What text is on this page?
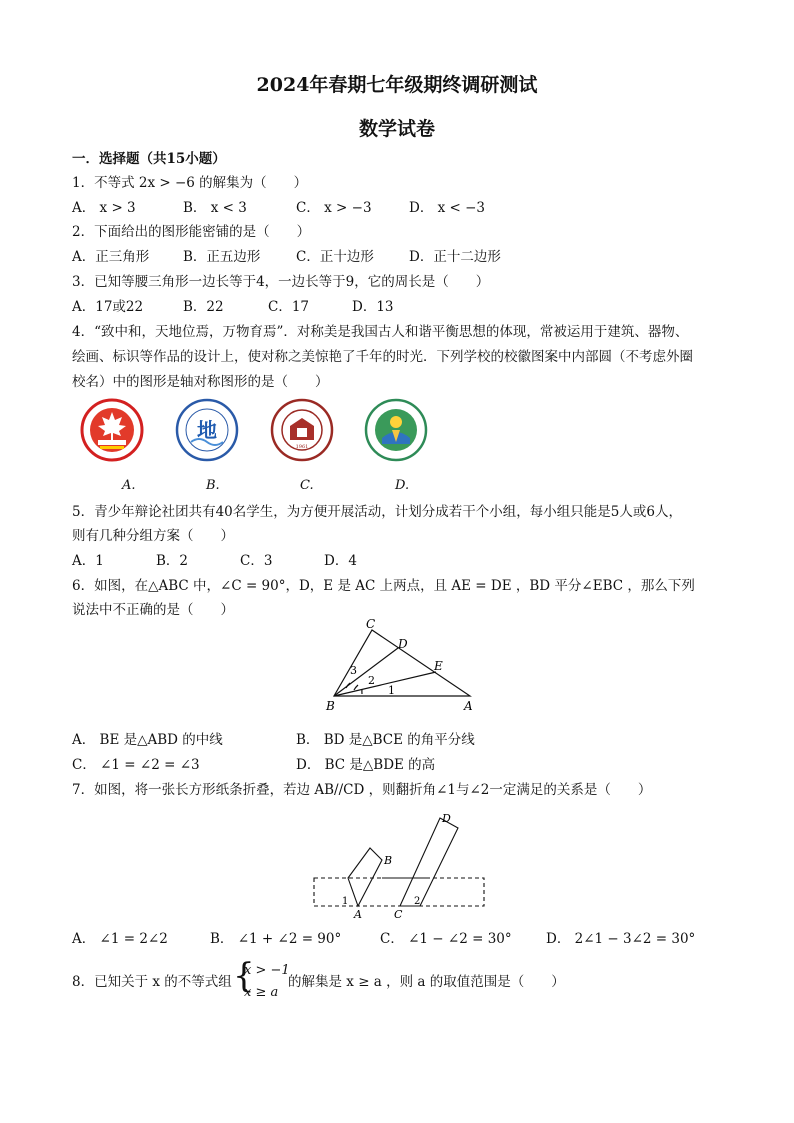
2024年春期七年级期终调研测试
数学试卷
一．选择题（共15小题）
1．不等式 2x > −6 的解集为（　　）
A． x > 3	B． x < 3	C． x > −3	D． x < −3
2．下面给出的图形能密铺的是（　　）
A．正三角形	B．正五边形	C．正十边形	D．正十二边形
3．已知等腰三角形一边长等于4，一边长等于9，它的周长是（　　）
A．17或22	B．22	C．17	D．13
4．“致中和，天地位焉，万物育焉”．对称美是我国古人和谐平衡思想的体现，常被运用于建筑、器物、
绘画、标识等作品的设计上，使对称之美惊艳了千年的时光．下列学校的校徽图案中内部圆（不考虑外圈
校名）中的图形是轴对称图形的是（　　）
地
1961
A.	B.	C.	D.
5．青少年辩论社团共有40名学生，为方便开展活动，计划分成若干个小组，每小组只能是5人或6人，
则有几种分组方案（　　）
A．1	B．2	C．3	D．4
6．如图，在△ABC 中，∠C = 90°，D，E 是 AC 上两点，且 AE = DE ，BD 平分∠EBC ，那么下列
说法中不正确的是（　　）
C
D
E
B	A
3
2
1
A． BE 是△ABD 的中线	B． BD 是△BCE 的角平分线
C． ∠1 = ∠2 = ∠3	D． BC 是△BDE 的高
7．如图，将一张长方形纸条折叠，若边 AB//CD ，则翻折角∠1与∠2一定满足的关系是（　　）
B
A	C
D
1	2
A． ∠1 = 2∠2	B． ∠1 + ∠2 = 90°	C． ∠1 − ∠2 = 30°	D． 2∠1 − 3∠2 = 30°
8．已知关于 x 的不等式组 {
x > −1
x ≥ a
的解集是 x ≥ a ，则 a 的取值范围是（　　）
